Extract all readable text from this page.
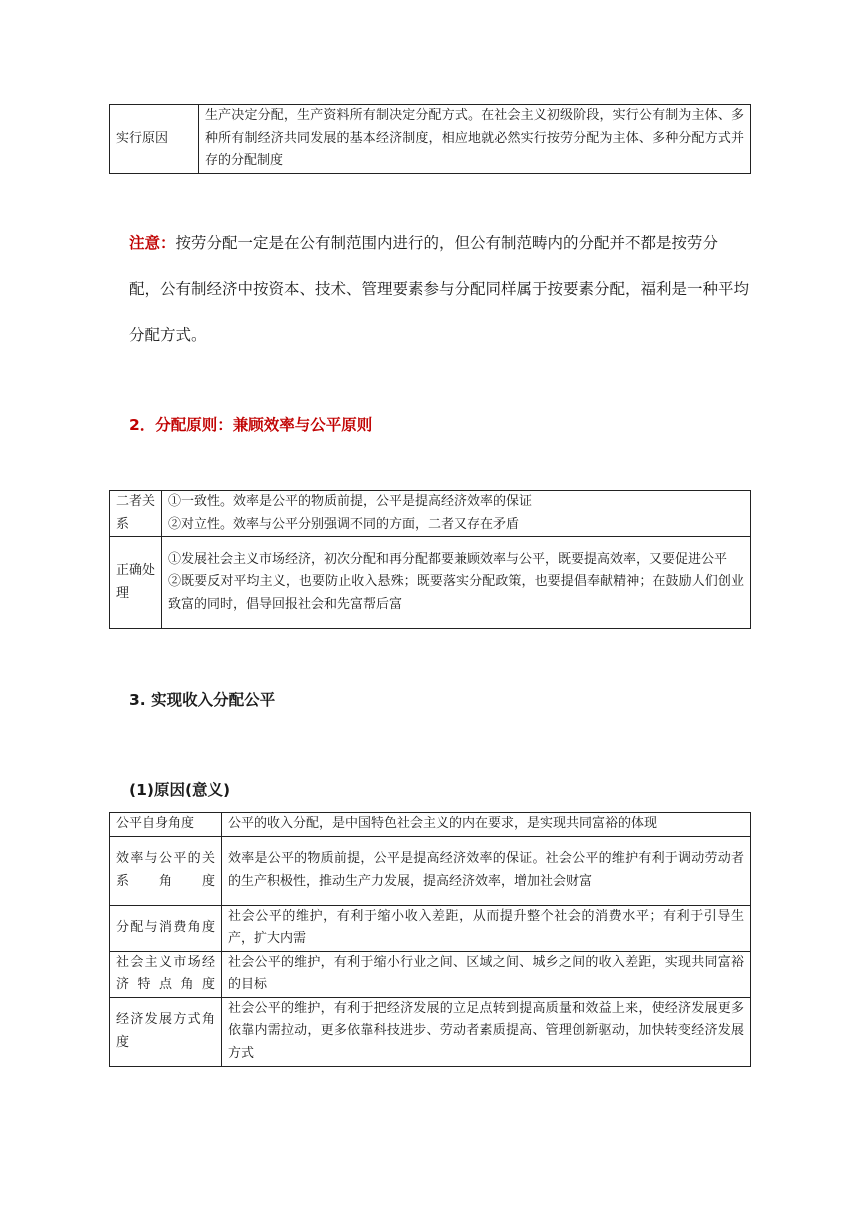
实行原因	生产决定分配，生产资料所有制决定分配方式。在社会主义初级阶段，实行公有制为主体、多种所有制经济共同发展的基本经济制度，相应地就必然实行按劳分配为主体、多种分配方式并存的分配制度
注意：按劳分配一定是在公有制范围内进行的，但公有制范畴内的分配并不都是按劳分配，公有制经济中按资本、技术、管理要素参与分配同样属于按要素分配，福利是一种平均分配方式。
2．分配原则：兼顾效率与公平原则
二者关系	①一致性。效率是公平的物质前提，公平是提高经济效率的保证
②对立性。效率与公平分别强调不同的方面，二者又存在矛盾

正确处理	①发展社会主义市场经济，初次分配和再分配都要兼顾效率与公平，既要提高效率，又要促进公平
②既要反对平均主义，也要防止收入悬殊；既要落实分配政策，也要提倡奉献精神；在鼓励人们创业致富的同时，倡导回报社会和先富帮后富
3. 实现收入分配公平
(1)原因(意义)
公平自身角度	公平的收入分配，是中国特色社会主义的内在要求，是实现共同富裕的体现
效率与公平的关系角度	效率是公平的物质前提，公平是提高经济效率的保证。社会公平的维护有利于调动劳动者的生产积极性，推动生产力发展，提高经济效率，增加社会财富
分配与消费角度	社会公平的维护，有利于缩小收入差距，从而提升整个社会的消费水平；有利于引导生产，扩大内需
社会主义市场经济特点角度	社会公平的维护，有利于缩小行业之间、区域之间、城乡之间的收入差距，实现共同富裕的目标
经济发展方式角度	社会公平的维护，有利于把经济发展的立足点转到提高质量和效益上来，使经济发展更多依靠内需拉动，更多依靠科技进步、劳动者素质提高、管理创新驱动，加快转变经济发展方式
